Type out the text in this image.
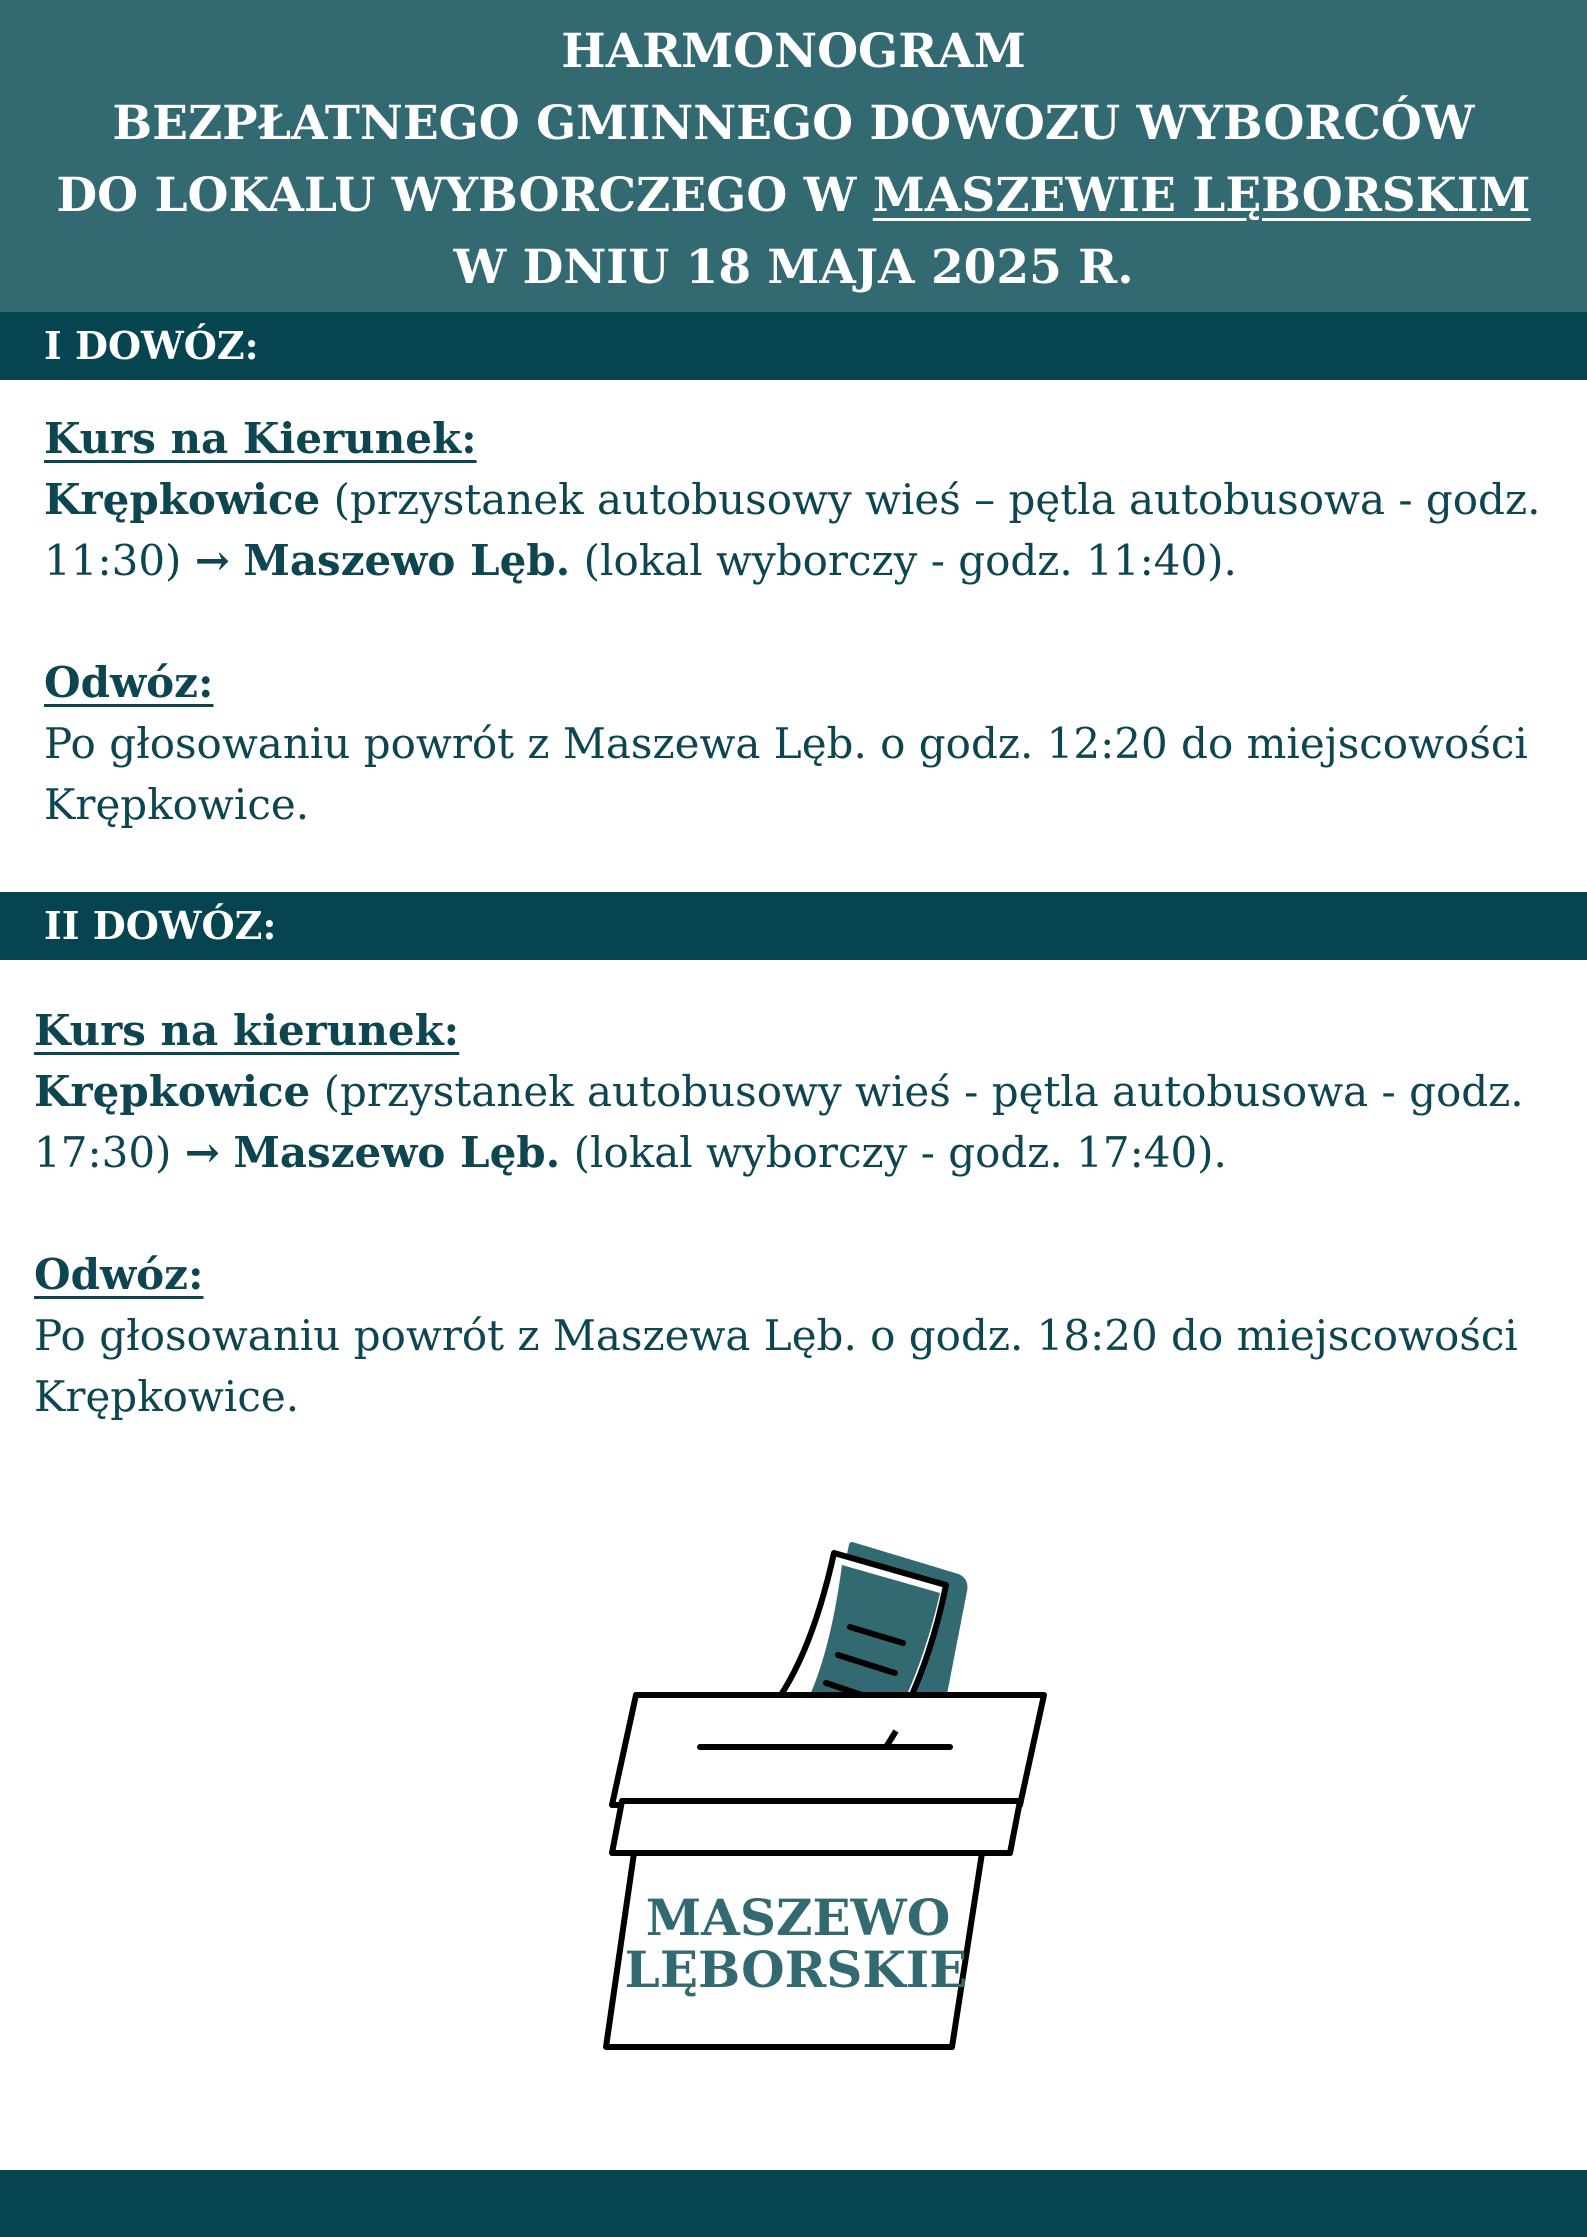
HARMONOGRAM
BEZPŁATNEGO GMINNEGO DOWOZU WYBORCÓW
DO LOKALU WYBORCZEGO W MASZEWIE LĘBORSKIM
W DNIU 18 MAJA 2025 R.
I DOWÓZ:

Kurs na Kierunek:

Krępkowice (przystanek autobusowy wieś – pętla autobusowa - godz. 11:30) → Maszewo Lęb. (lokal wyborczy - godz. 11:40).

Odwóz:

Po głosowaniu powrót z Maszewa Lęb. o godz. 12:20 do miejscowości Krępkowice.

II DOWÓZ:

Kurs na kierunek:

Krępkowice (przystanek autobusowy wieś - pętla autobusowa - godz. 17:30) → Maszewo Lęb. (lokal wyborczy - godz. 17:40).

Odwóz:

Po głosowaniu powrót z Maszewa Lęb. o godz. 18:20 do miejscowości Krępkowice.

MASZEWO
LĘBORSKIE
